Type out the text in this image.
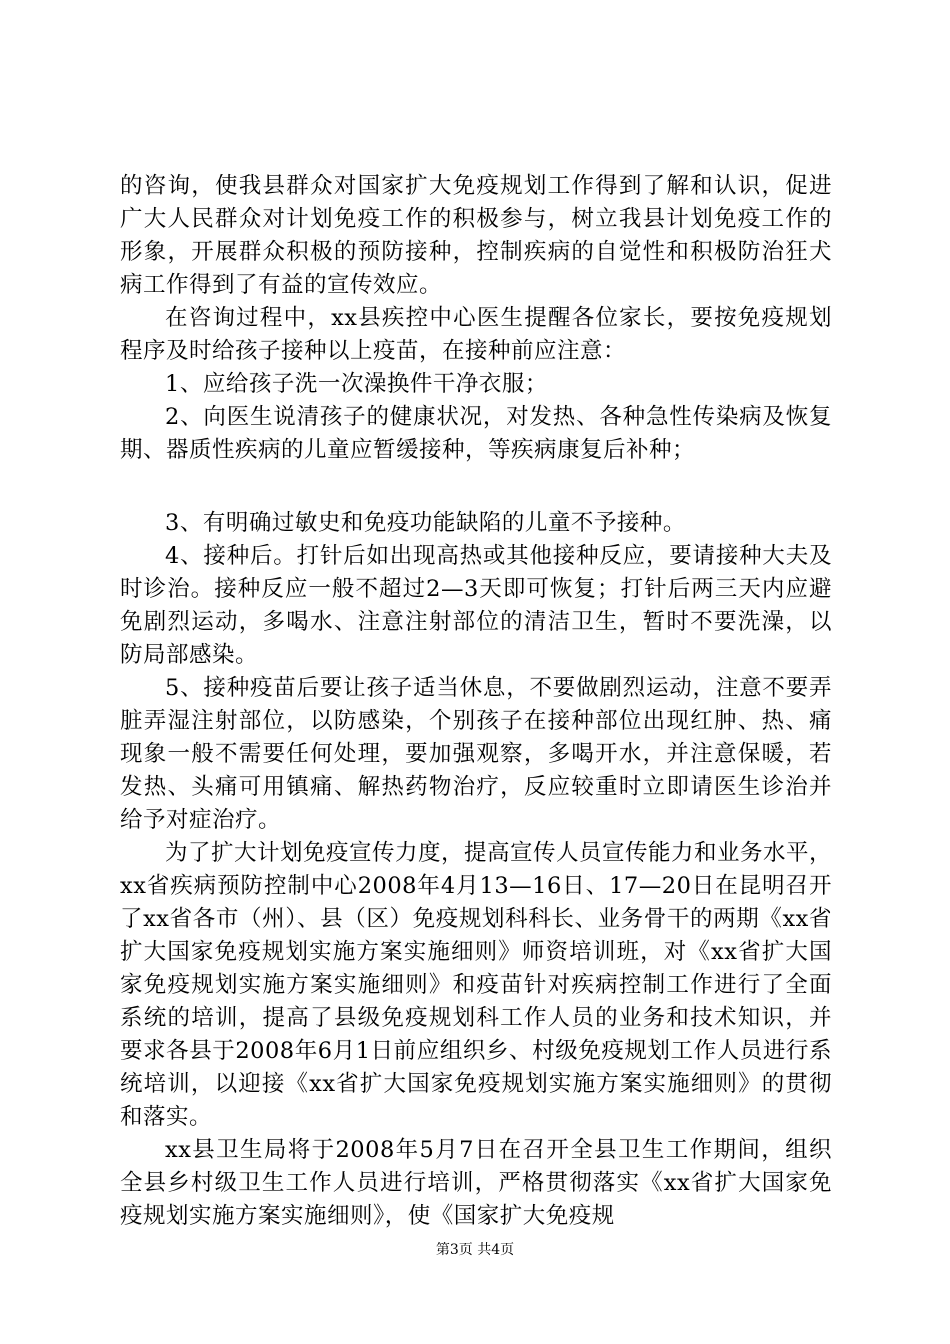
的咨询，使我县群众对国家扩大免疫规划工作得到了解和认识，促进广大人民群众对计划免疫工作的积极参与，树立我县计划免疫工作的形象，开展群众积极的预防接种，控制疾病的自觉性和积极防治狂犬病工作得到了有益的宣传效应。

在咨询过程中，xx县疾控中心医生提醒各位家长，要按免疫规划程序及时给孩子接种以上疫苗，在接种前应注意：

1、应给孩子洗一次澡换件干净衣服；

2、向医生说清孩子的健康状况，对发热、各种急性传染病及恢复期、器质性疾病的儿童应暂缓接种，等疾病康复后补种；

3、有明确过敏史和免疫功能缺陷的儿童不予接种。

4、接种后。打针后如出现高热或其他接种反应，要请接种大夫及时诊治。接种反应一般不超过2—3天即可恢复；打针后两三天内应避免剧烈运动，多喝水、注意注射部位的清洁卫生，暂时不要洗澡，以防局部感染。

5、接种疫苗后要让孩子适当休息，不要做剧烈运动，注意不要弄脏弄湿注射部位，以防感染，个别孩子在接种部位出现红肿、热、痛现象一般不需要任何处理，要加强观察，多喝开水，并注意保暖，若发热、头痛可用镇痛、解热药物治疗，反应较重时立即请医生诊治并给予对症治疗。

为了扩大计划免疫宣传力度，提高宣传人员宣传能力和业务水平，xx省疾病预防控制中心2008年4月13—16日、17—20日在昆明召开了xx省各市（州）、县（区）免疫规划科科长、业务骨干的两期《xx省扩大国家免疫规划实施方案实施细则》师资培训班，对《xx省扩大国家免疫规划实施方案实施细则》和疫苗针对疾病控制工作进行了全面系统的培训，提高了县级免疫规划科工作人员的业务和技术知识，并要求各县于2008年6月1日前应组织乡、村级免疫规划工作人员进行系统培训，以迎接《xx省扩大国家免疫规划实施方案实施细则》的贯彻和落实。

xx县卫生局将于2008年5月7日在召开全县卫生工作期间，组织全县乡村级卫生工作人员进行培训，严格贯彻落实《xx省扩大国家免疫规划实施方案实施细则》，使《国家扩大免疫规

第3页 共4页
